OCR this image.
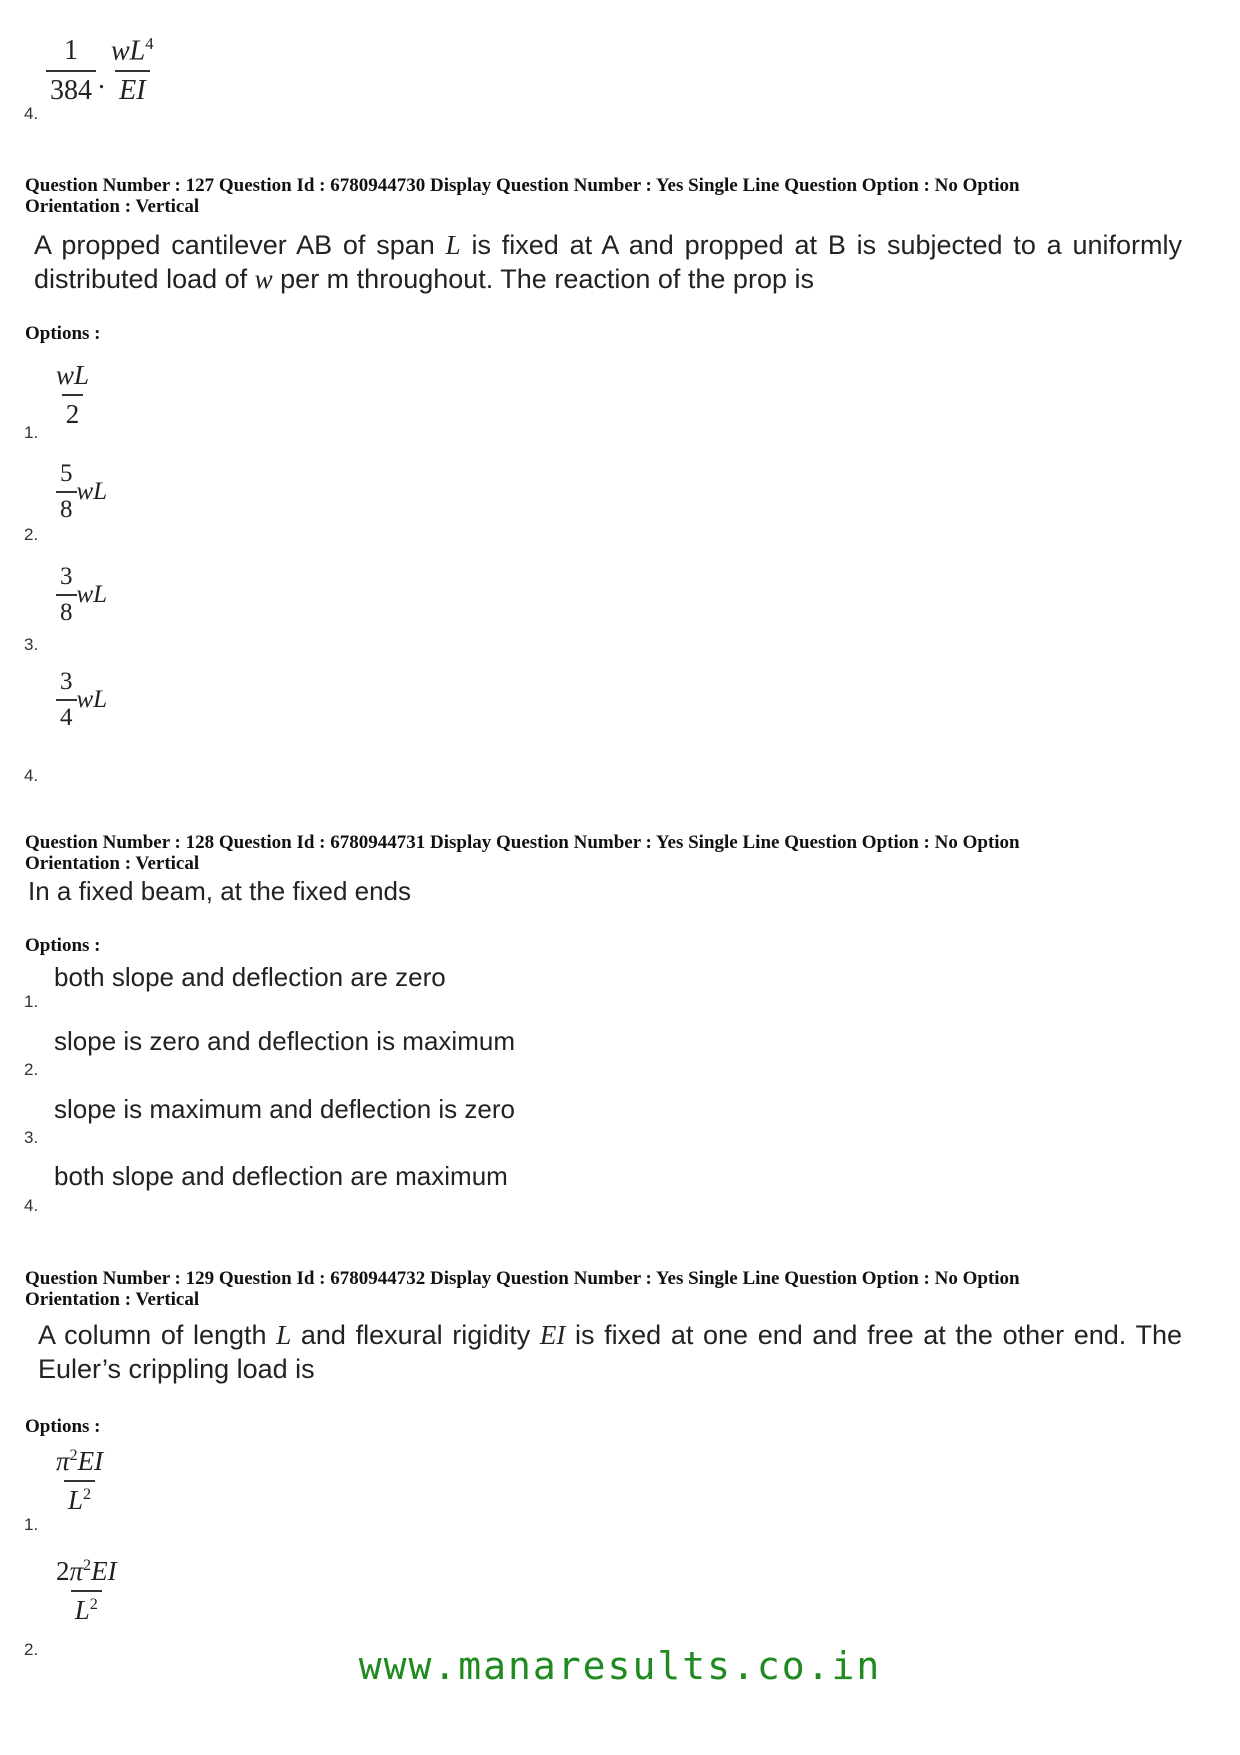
$\frac{1}{384}$ . $\frac{wL^4}{EI}$
4.
Question Number : 127 Question Id : 6780944730 Display Question Number : Yes Single Line Question Option : No Option
Orientation : Vertical
A propped cantilever AB of span L is fixed at A and propped at B is subjected to a uniformly distributed load of w per m throughout. The reaction of the prop is
Options :
$\frac{wL}{2}$
1.
$\frac{5}{8}$ wL
2.
$\frac{3}{8}$ wL
3.
$\frac{3}{4}$ wL
4.
Question Number : 128 Question Id : 6780944731 Display Question Number : Yes Single Line Question Option : No Option
Orientation : Vertical
In a fixed beam, at the fixed ends
Options :
both slope and deflection are zero
1.
slope is zero and deflection is maximum
2.
slope is maximum and deflection is zero
3.
both slope and deflection are maximum
4.
Question Number : 129 Question Id : 6780944732 Display Question Number : Yes Single Line Question Option : No Option
Orientation : Vertical
A column of length L and flexural rigidity EI is fixed at one end and free at the other end. The Euler’s crippling load is
Options :
$\frac{\pi^2EI}{L^2}$
1.
$\frac{2\pi^2EI}{L^2}$
2.	www.manaresults.co.in
